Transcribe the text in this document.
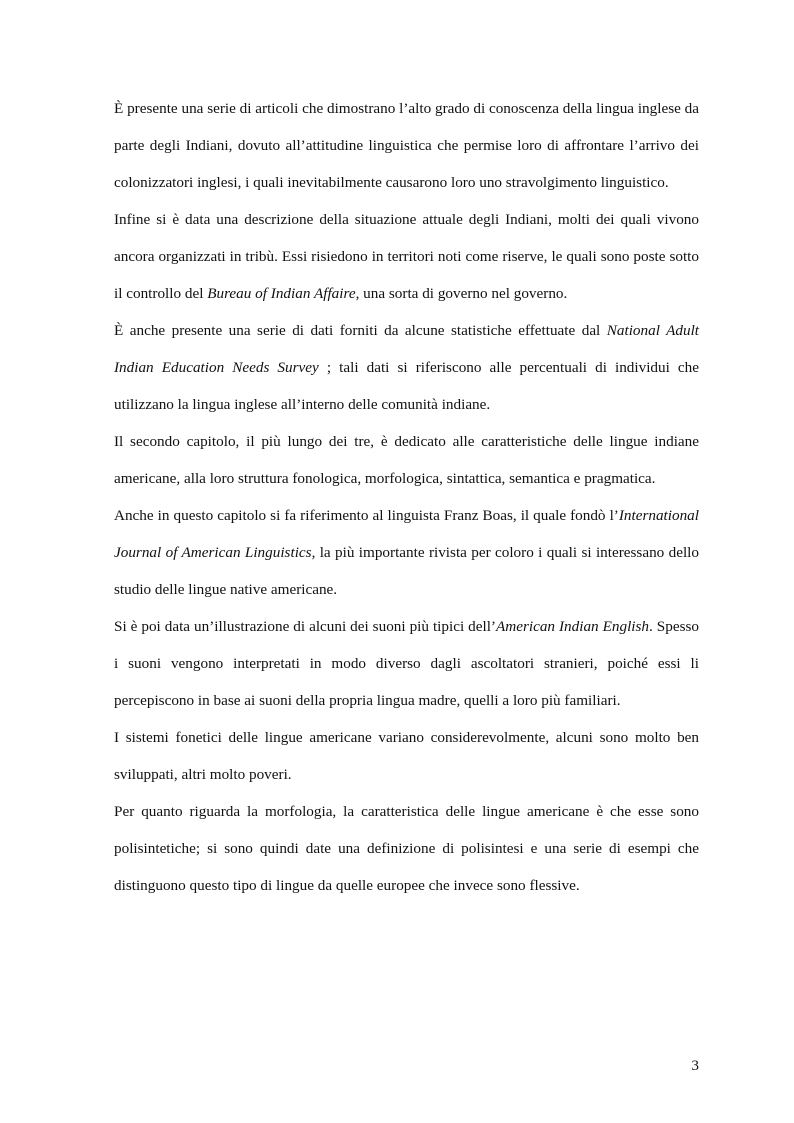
È presente una serie di articoli che dimostrano l’alto grado di conoscenza della lingua inglese da parte degli Indiani, dovuto all’attitudine linguistica che permise loro di affrontare l’arrivo dei colonizzatori inglesi, i quali inevitabilmente causarono loro uno stravolgimento linguistico.

Infine si è data una descrizione della situazione attuale degli Indiani, molti dei quali vivono ancora organizzati in tribù. Essi risiedono in territori noti come riserve, le quali sono poste sotto il controllo del Bureau of Indian Affaire, una sorta di governo nel governo.

È anche presente una serie di dati forniti da alcune statistiche effettuate dal National Adult Indian Education Needs Survey ; tali dati si riferiscono alle percentuali di individui che utilizzano la lingua inglese all’interno delle comunità indiane.

Il secondo capitolo, il più lungo dei tre, è dedicato alle caratteristiche delle lingue indiane americane, alla loro struttura fonologica, morfologica, sintattica, semantica e pragmatica.

Anche in questo capitolo si fa riferimento al linguista Franz Boas, il quale fondò l’International Journal of American Linguistics, la più importante rivista per coloro i quali si interessano dello studio delle lingue native americane.

Si è poi data un’illustrazione di alcuni dei suoni più tipici dell’American Indian English. Spesso i suoni vengono interpretati in modo diverso dagli ascoltatori stranieri, poiché essi li percepiscono in base ai suoni della propria lingua madre, quelli a loro più familiari.

I sistemi fonetici delle lingue americane variano considerevolmente, alcuni sono molto ben sviluppati, altri molto poveri.

Per quanto riguarda la morfologia, la caratteristica delle lingue americane è che esse sono polisintetiche; si sono quindi date una definizione di polisintesi e una serie di esempi che distinguono questo tipo di lingue da quelle europee che invece sono flessive.

3
